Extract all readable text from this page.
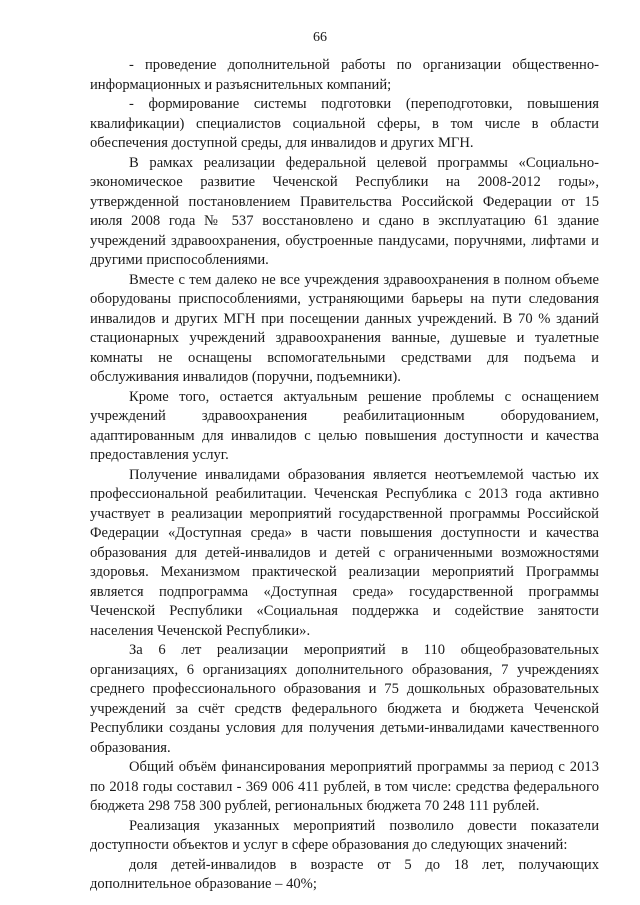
66

- проведение дополнительной работы по организации общественно-информационных и разъяснительных компаний;

- формирование системы подготовки (переподготовки, повышения квалификации) специалистов социальной сферы, в том числе в области обеспечения доступной среды, для инвалидов и других МГН.

В рамках реализации федеральной целевой программы «Социально-экономическое развитие Чеченской Республики на 2008-2012 годы», утвержденной постановлением Правительства Российской Федерации от 15 июля 2008 года № 537 восстановлено и сдано в эксплуатацию 61 здание учреждений здравоохранения, обустроенные пандусами, поручнями, лифтами и другими приспособлениями.

Вместе с тем далеко не все учреждения здравоохранения в полном объеме оборудованы приспособлениями, устраняющими барьеры на пути следования инвалидов и других МГН при посещении данных учреждений. В 70 % зданий стационарных учреждений здравоохранения ванные, душевые и туалетные комнаты не оснащены вспомогательными средствами для подъема и обслуживания инвалидов (поручни, подъемники).

Кроме того, остается актуальным решение проблемы с оснащением учреждений здравоохранения реабилитационным оборудованием, адаптированным для инвалидов с целью повышения доступности и качества предоставления услуг.

Получение инвалидами образования является неотъемлемой частью их профессиональной реабилитации. Чеченская Республика с 2013 года активно участвует в реализации мероприятий государственной программы Российской Федерации «Доступная среда» в части повышения доступности и качества образования для детей-инвалидов и детей с ограниченными возможностями здоровья. Механизмом практической реализации мероприятий Программы является подпрограмма «Доступная среда» государственной программы Чеченской Республики «Социальная поддержка и содействие занятости населения Чеченской Республики».

За 6 лет реализации мероприятий в 110 общеобразовательных организациях, 6 организациях дополнительного образования, 7 учреждениях среднего профессионального образования и 75 дошкольных образовательных учреждений за счёт средств федерального бюджета и бюджета Чеченской Республики созданы условия для получения детьми-инвалидами качественного образования.

Общий объём финансирования мероприятий программы за период с 2013 по 2018 годы составил - 369 006 411 рублей, в том числе: средства федерального бюджета 298 758 300 рублей, региональных бюджета 70 248 111 рублей.

Реализация указанных мероприятий позволило довести показатели доступности объектов и услуг в сфере образования до следующих значений:

доля детей-инвалидов в возрасте от 5 до 18 лет, получающих дополнительное образование – 40%;
